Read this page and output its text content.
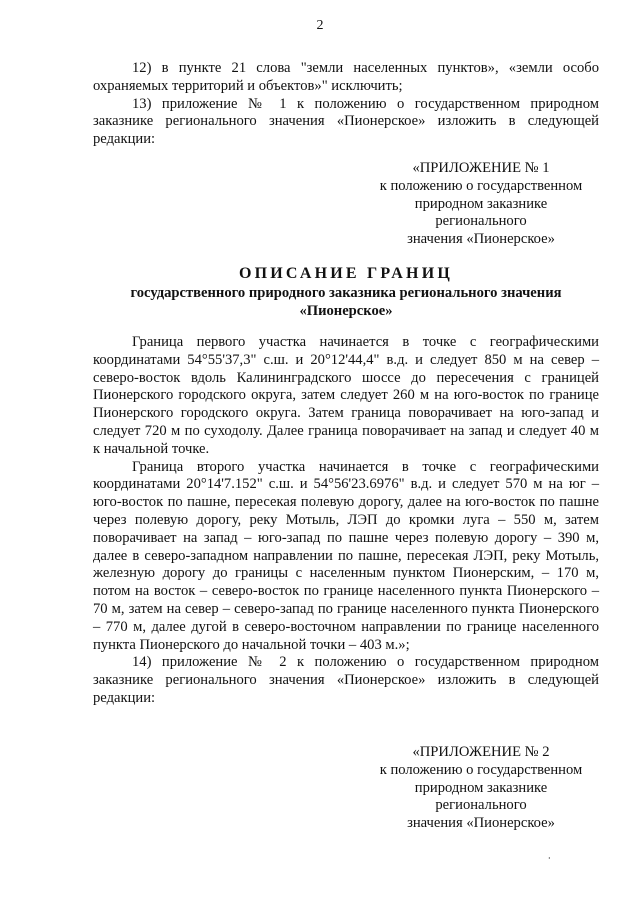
2

12) в пункте 21 слова "земли населенных пунктов», «земли особо охраняемых территорий и объектов»" исключить;

13) приложение № 1 к положению о государственном природном заказнике регионального значения «Пионерское» изложить в следующей редакции:

«ПРИЛОЖЕНИЕ № 1
к положению о государственном
природном заказнике
регионального
значения «Пионерское»
ОПИСАНИЕ ГРАНИЦ
государственного природного заказника регионального значения
«Пионерское»

Граница первого участка начинается в точке с географическими координатами 54°55'37,3" с.ш. и 20°12'44,4" в.д. и следует 850 м на север – северо-восток вдоль Калининградского шоссе до пересечения с границей Пионерского городского округа, затем следует 260 м на юго-восток по границе Пионерского городского округа. Затем граница поворачивает на юго-запад и следует 720 м по суходолу. Далее граница поворачивает на запад и следует 40 м к начальной точке.

Граница второго участка начинается в точке с географическими координатами 20°14'7.152" с.ш. и 54°56'23.6976" в.д. и следует 570 м на юг – юго-восток по пашне, пересекая полевую дорогу, далее на юго-восток по пашне через полевую дорогу, реку Мотыль, ЛЭП до кромки луга – 550 м, затем поворачивает на запад – юго-запад по пашне через полевую дорогу – 390 м, далее в северо-западном направлении по пашне, пересекая ЛЭП, реку Мотыль, железную дорогу до границы с населенным пунктом Пионерским, – 170 м, потом на восток – северо-восток по границе населенного пункта Пионерского – 70 м, затем на север – северо-запад по границе населенного пункта Пионерского – 770 м, далее дугой в северо-восточном направлении по границе населенного пункта Пионерского до начальной точки – 403 м.»;

14) приложение № 2 к положению о государственном природном заказнике регионального значения «Пионерское» изложить в следующей редакции:

«ПРИЛОЖЕНИЕ № 2
к положению о государственном
природном заказнике
регионального
значения «Пионерское»
⸳
